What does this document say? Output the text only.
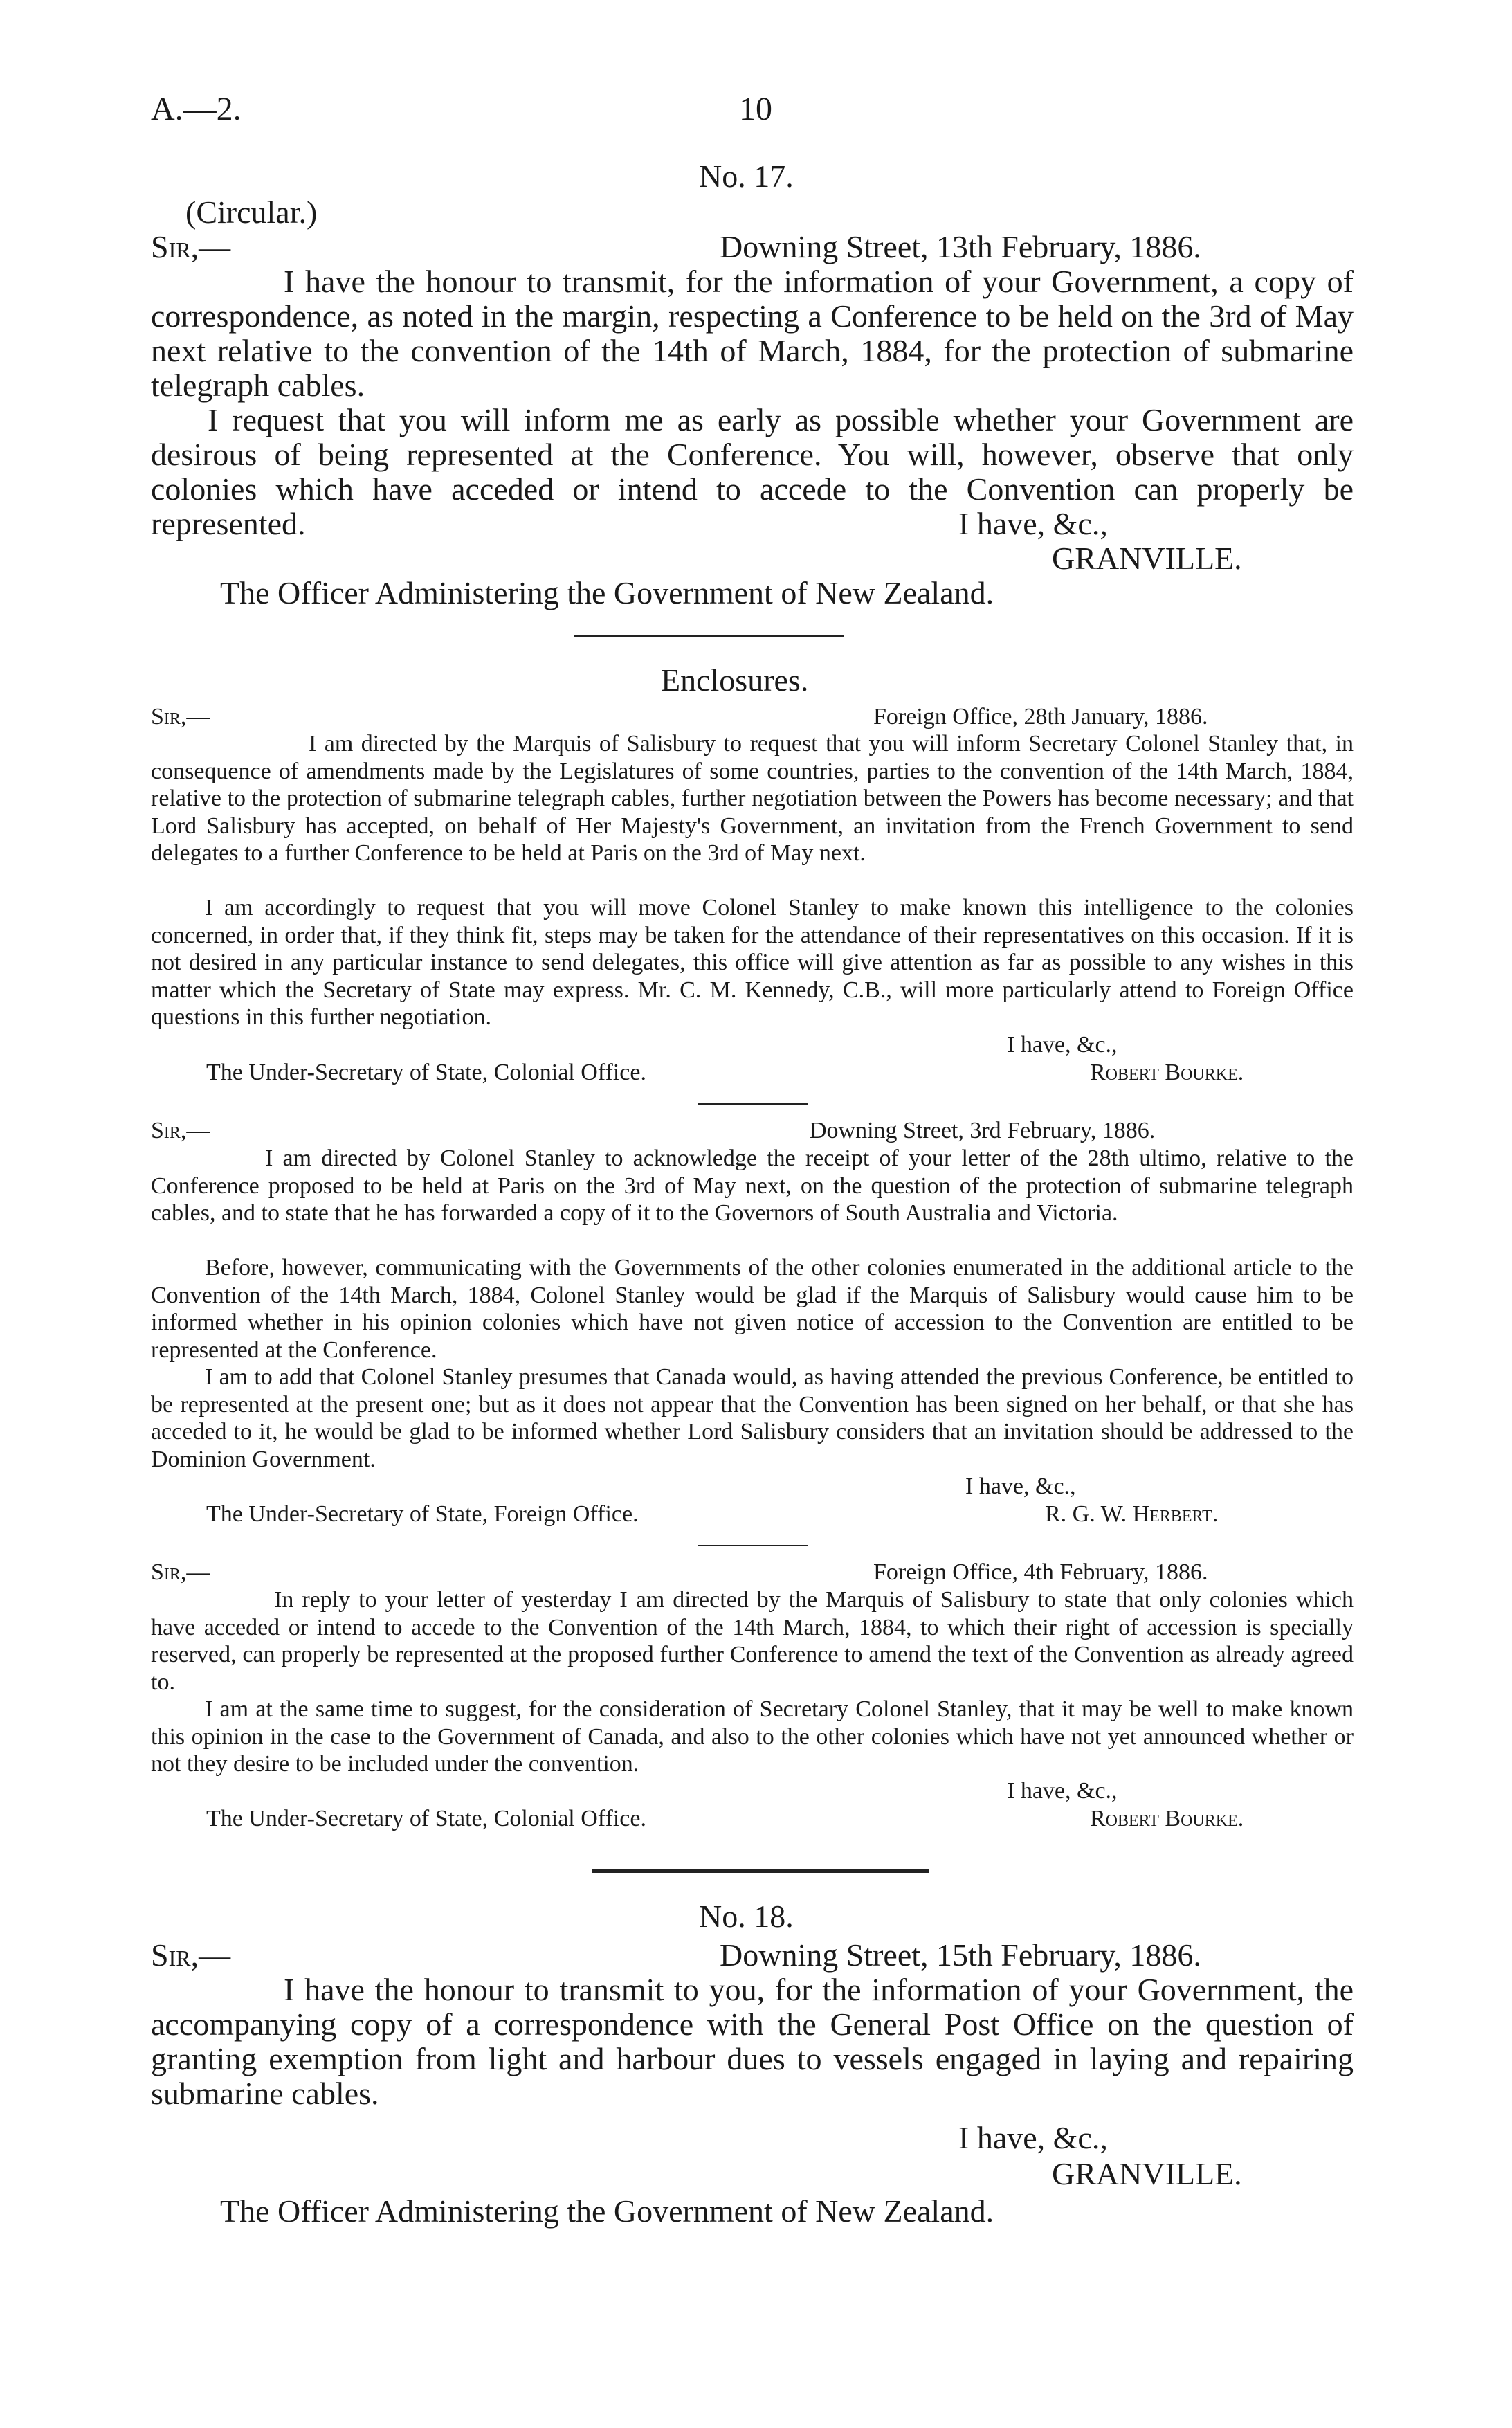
A.—2.	10
No. 17.
(Circular.)
Sir,—	Downing Street, 13th February, 1886.

I have the honour to transmit, for the information of your Government, a copy of correspondence, as noted in the margin, respecting a Conference to be held on the 3rd of May next relative to the convention of the 14th of March, 1884, for the protection of submarine telegraph cables.

I request that you will inform me as early as possible whether your Government are desirous of being represented at the Conference. You will, however, observe that only colonies which have acceded or intend to accede to the Convention can properly be represented.	I have, &c.,
GRANVILLE.
The Officer Administering the Government of New Zealand.
Enclosures.
Sir,—	Foreign Office, 28th January, 1886.

I am directed by the Marquis of Salisbury to request that you will inform Secretary Colonel Stanley that, in consequence of amendments made by the Legislatures of some countries, parties to the convention of the 14th March, 1884, relative to the protection of submarine telegraph cables, further negotiation between the Powers has become necessary; and that Lord Salisbury has accepted, on behalf of Her Majesty's Government, an invitation from the French Government to send delegates to a further Conference to be held at Paris on the 3rd of May next.

I am accordingly to request that you will move Colonel Stanley to make known this intelligence to the colonies concerned, in order that, if they think fit, steps may be taken for the attendance of their representatives on this occasion. If it is not desired in any particular instance to send delegates, this office will give attention as far as possible to any wishes in this matter which the Secretary of State may express. Mr. C. M. Kennedy, C.B., will more particularly attend to Foreign Office questions in this further negotiation.

I have, &c.,
The Under-Secretary of State, Colonial Office.	Robert Bourke.
Sir,—	Downing Street, 3rd February, 1886.

I am directed by Colonel Stanley to acknowledge the receipt of your letter of the 28th ultimo, relative to the Conference proposed to be held at Paris on the 3rd of May next, on the question of the protection of submarine telegraph cables, and to state that he has forwarded a copy of it to the Governors of South Australia and Victoria.

Before, however, communicating with the Governments of the other colonies enumerated in the additional article to the Convention of the 14th March, 1884, Colonel Stanley would be glad if the Marquis of Salisbury would cause him to be informed whether in his opinion colonies which have not given notice of accession to the Convention are entitled to be represented at the Conference.

I am to add that Colonel Stanley presumes that Canada would, as having attended the previous Conference, be entitled to be represented at the present one; but as it does not appear that the Convention has been signed on her behalf, or that she has acceded to it, he would be glad to be informed whether Lord Salisbury considers that an invitation should be addressed to the Dominion Government.

I have, &c.,
The Under-Secretary of State, Foreign Office.	R. G. W. Herbert.
Sir,—	Foreign Office, 4th February, 1886.

In reply to your letter of yesterday I am directed by the Marquis of Salisbury to state that only colonies which have acceded or intend to accede to the Convention of the 14th March, 1884, to which their right of accession is specially reserved, can properly be represented at the proposed further Conference to amend the text of the Convention as already agreed to.

I am at the same time to suggest, for the consideration of Secretary Colonel Stanley, that it may be well to make known this opinion in the case to the Government of Canada, and also to the other colonies which have not yet announced whether or not they desire to be included under the convention.

I have, &c.,
The Under-Secretary of State, Colonial Office.	Robert Bourke.
No. 18.
Sir,—	Downing Street, 15th February, 1886.

I have the honour to transmit to you, for the information of your Government, the accompanying copy of a correspondence with the General Post Office on the question of granting exemption from light and harbour dues to vessels engaged in laying and repairing submarine cables.

I have, &c.,
GRANVILLE.
The Officer Administering the Government of New Zealand.
